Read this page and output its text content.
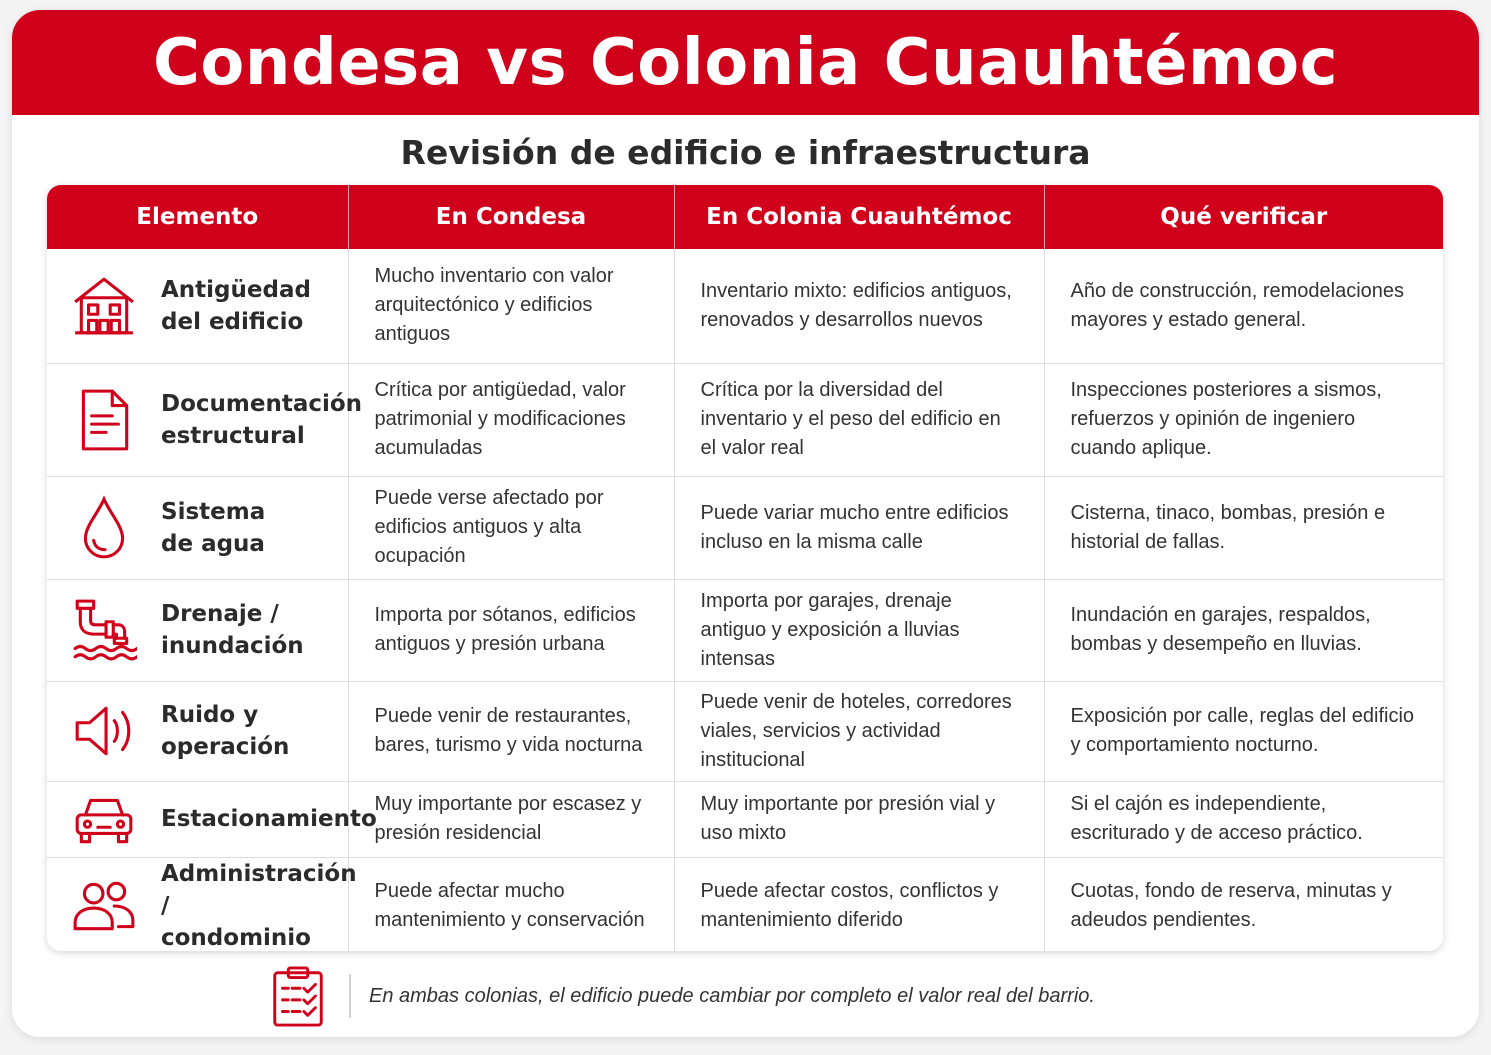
Condesa vs Colonia Cuauhtémoc
Revisión de edificio e infraestructura
Elemento	En Condesa	En Colonia Cuauhtémoc	Qué verificar

Antigüedad
del edificio	Mucho inventario con valor arquitectónico y edificios antiguos	Inventario mixto: edificios antiguos, renovados y desarrollos nuevos	Año de construcción, remodelaciones mayores y estado general.

Documentación
estructural	Crítica por antigüedad, valor patrimonial y modificaciones acumuladas	Crítica por la diversidad del inventario y el peso del edificio en el valor real	Inspecciones posteriores a sismos, refuerzos y opinión de ingeniero cuando aplique.

Sistema
de agua	Puede verse afectado por edificios antiguos y alta ocupación	Puede variar mucho entre edificios incluso en la misma calle	Cisterna, tinaco, bombas, presión e historial de fallas.

Drenaje /
inundación	Importa por sótanos, edificios antiguos y presión urbana	Importa por garajes, drenaje antiguo y exposición a lluvias intensas	Inundación en garajes, respaldos, bombas y desempeño en lluvias.

Ruido y
operación	Puede venir de restaurantes, bares, turismo y vida nocturna	Puede venir de hoteles, corredores viales, servicios y actividad institucional	Exposición por calle, reglas del edificio y comportamiento nocturno.

Estacionamiento	Muy importante por escasez y presión residencial	Muy importante por presión vial y uso mixto	Si el cajón es independiente, escriturado y de acceso práctico.

Administración /
condominio	Puede afectar mucho mantenimiento y conservación	Puede afectar costos, conflictos y mantenimiento diferido	Cuotas, fondo de reserva, minutas y adeudos pendientes.
En ambas colonias, el edificio puede cambiar por completo el valor real del barrio.
